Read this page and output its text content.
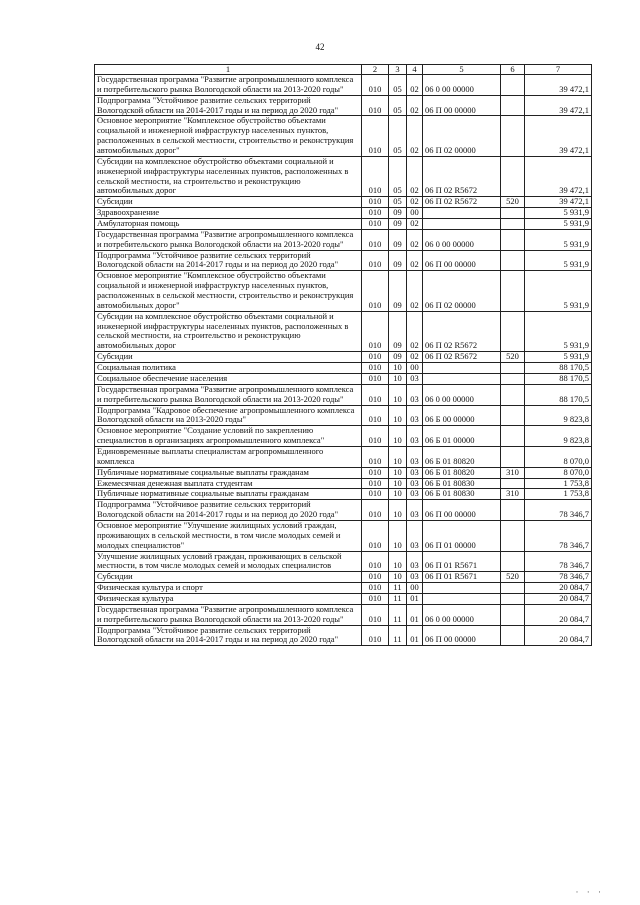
42
1	2	3	4	5	6	7
Государственная программа "Развитие агропромышленного комплекса и потребительского рынка Вологодской области на 2013-2020 годы"	010	05	02	06 0 00 00000		39 472,1
Подпрограмма "Устойчивое развитие сельских территорий Вологодской области на 2014-2017 годы и на период до 2020 года"	010	05	02	06 П 00 00000		39 472,1
Основное мероприятие "Комплексное обустройство объектами социальной и инженерной инфраструктур населенных пунктов, расположенных в сельской местности, строительство и реконструкция автомобильных дорог"	010	05	02	06 П 02 00000		39 472,1
Субсидии на комплексное обустройство объектами социальной и инженерной инфраструктуры населенных пунктов, расположенных в сельской местности, на строительство и реконструкцию автомобильных дорог	010	05	02	06 П 02 R5672		39 472,1
Субсидии	010	05	02	06 П 02 R5672	520	39 472,1
Здравоохранение	010	09	00			5 931,9
Амбулаторная помощь	010	09	02			5 931,9
Государственная программа "Развитие агропромышленного комплекса и потребительского рынка Вологодской области на 2013-2020 годы"	010	09	02	06 0 00 00000		5 931,9
Подпрограмма "Устойчивое развитие сельских территорий Вологодской области на 2014-2017 годы и на период до 2020 года"	010	09	02	06 П 00 00000		5 931,9
Основное мероприятие "Комплексное обустройство объектами социальной и инженерной инфраструктур населенных пунктов, расположенных в сельской местности, строительство и реконструкция автомобильных дорог"	010	09	02	06 П 02 00000		5 931,9
Субсидии на комплексное обустройство объектами социальной и инженерной инфраструктуры населенных пунктов, расположенных в сельской местности, на строительство и реконструкцию автомобильных дорог	010	09	02	06 П 02 R5672		5 931,9
Субсидии	010	09	02	06 П 02 R5672	520	5 931,9
Социальная политика	010	10	00			88 170,5
Социальное обеспечение населения	010	10	03			88 170,5
Государственная программа "Развитие агропромышленного комплекса и потребительского рынка Вологодской области на 2013-2020 годы"	010	10	03	06 0 00 00000		88 170,5
Подпрограмма "Кадровое обеспечение агропромышленного комплекса Вологодской области на 2013-2020 годы"	010	10	03	06 Б 00 00000		9 823,8
Основное мероприятие "Создание условий по закреплению специалистов в организациях агропромышленного комплекса"	010	10	03	06 Б 01 00000		9 823,8
Единовременные выплаты специалистам агропромышленного комплекса	010	10	03	06 Б 01 80820		8 070,0
Публичные нормативные социальные выплаты гражданам	010	10	03	06 Б 01 80820	310	8 070,0
Ежемесячная денежная выплата студентам	010	10	03	06 Б 01 80830		1 753,8
Публичные нормативные социальные выплаты гражданам	010	10	03	06 Б 01 80830	310	1 753,8
Подпрограмма "Устойчивое развитие сельских территорий Вологодской области на 2014-2017 годы и на период до 2020 года"	010	10	03	06 П 00 00000		78 346,7
Основное мероприятие "Улучшение жилищных условий граждан, проживающих в сельской местности, в том числе молодых семей и молодых специалистов"	010	10	03	06 П 01 00000		78 346,7
Улучшение жилищных условий граждан, проживающих в сельской местности, в том числе молодых семей и молодых специалистов	010	10	03	06 П 01 R5671		78 346,7
Субсидии	010	10	03	06 П 01 R5671	520	78 346,7
Физическая культура и спорт	010	11	00			20 084,7
Физическая культура	010	11	01			20 084,7
Государственная программа "Развитие агропромышленного комплекса и потребительского рынка Вологодской области на 2013-2020 годы"	010	11	01	06 0 00 00000		20 084,7
Подпрограмма "Устойчивое развитие сельских территорий Вологодской области на 2014-2017 годы и на период до 2020 года"	010	11	01	06 П 00 00000		20 084,7
· · ·
